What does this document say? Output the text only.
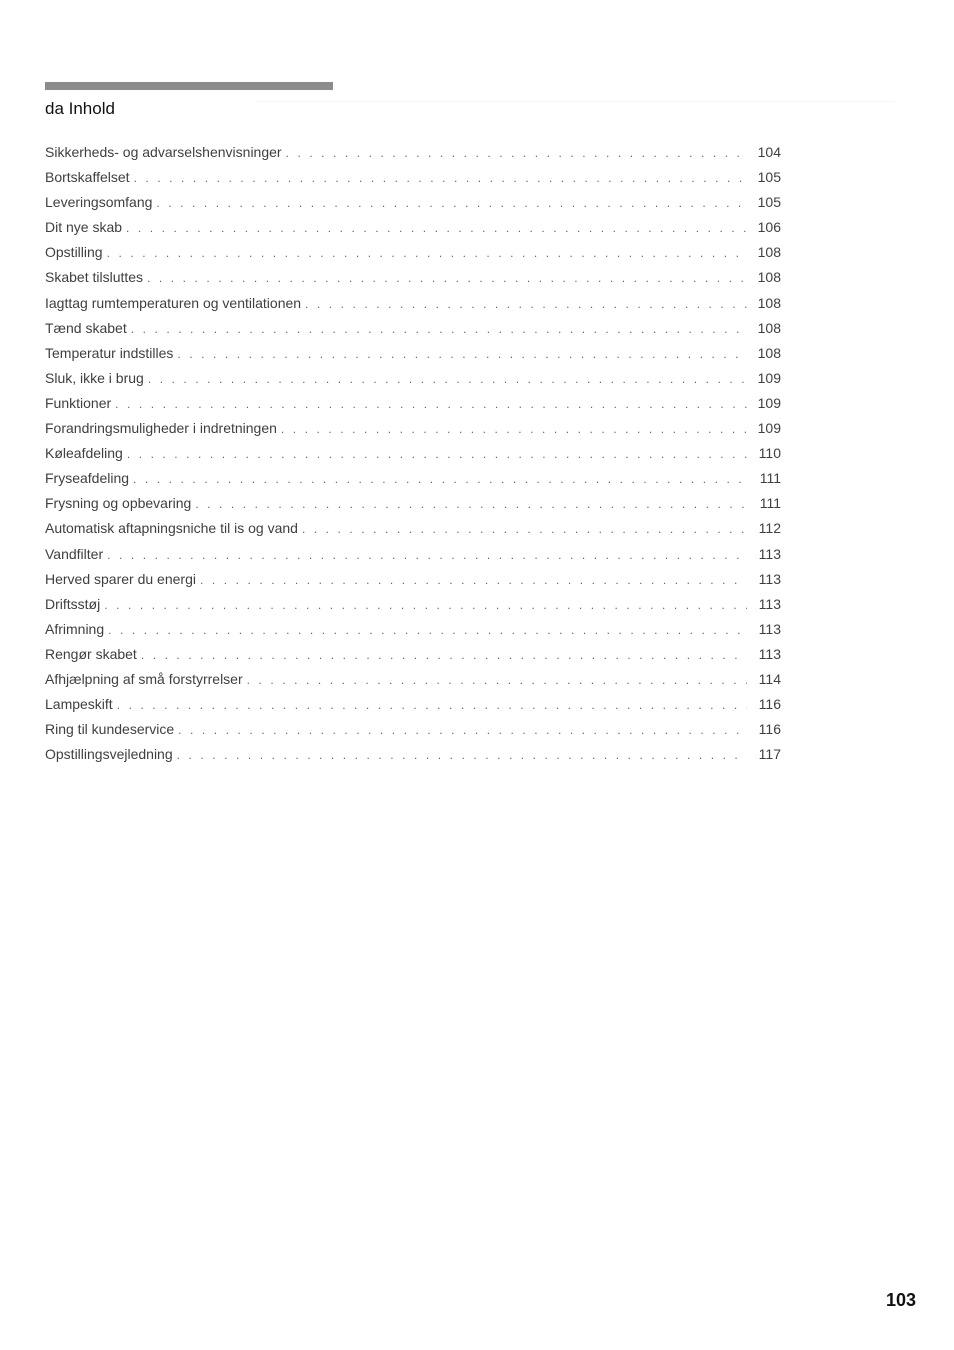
da Inhold
Sikkerheds- og advarselshenvisninger . . .	104
Bortskaffelset . . .	105
Leveringsomfang . . .	105
Dit nye skab . . .	106
Opstilling . . .	108
Skabet tilsluttes . . .	108
Iagttag rumtemperaturen og ventilationen . . .	108
Tænd skabet . . .	108
Temperatur indstilles . . .	108
Sluk, ikke i brug . . .	109
Funktioner . . .	109
Forandringsmuligheder i indretningen . . .	109
Køleafdeling . . .	110
Fryseafdeling . . .	111
Frysning og opbevaring . . .	111
Automatisk aftapningsniche til is og vand . . .	112
Vandfilter . . .	113
Herved sparer du energi . . .	113
Driftsstøj . . .	113
Afrimning . . .	113
Rengør skabet . . .	113
Afhjælpning af små forstyrrelser . . .	114
Lampeskift . . .	116
Ring til kundeservice . . .	116
Opstillingsvejledning . . .	117

103
